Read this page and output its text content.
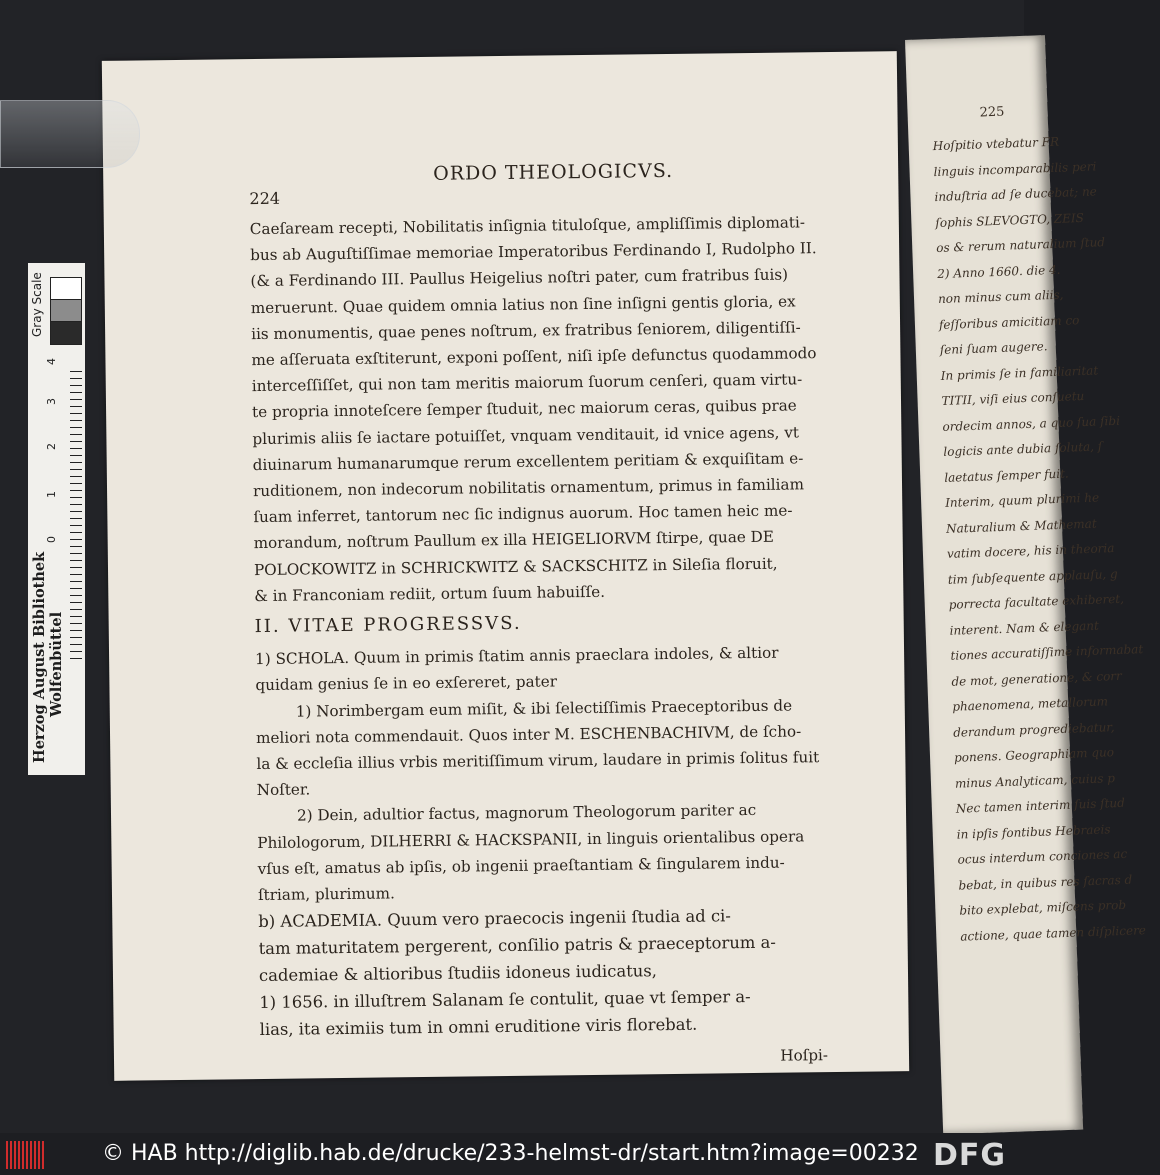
225
Hoſpitio vtebatur FR
linguis incomparabilis peri
induſtria ad ſe ducebat; ne
ſophis SLEVOGTO, ZEIS
os & rerum naturalium ſtud
2) Anno 1660. die 4.
non minus cum aliis,
feſſoribus amicitiam co
ſeni ſuam augere.
In primis ſe in familiaritat
TITII, viſi eius conſuetu
ordecim annos, a quo ſua ſibi
logicis ante dubia ſoluta, ſ
laetatus ſemper fuit.
Interim, quum plurimi he
Naturalium & Mathemat
vatim docere, his in theoria
tim ſubſequente applauſu, g
porrecta facultate exhiberet,
interent. Nam & elegant
tiones accuratiſſime informabat
de mot, generatione, & corr
phaenomena, metallorum
derandum progrediebatur,
ponens. Geographiam quo
minus Analyticam, cuius p
Nec tamen interim ſuis ſtud
in ipſis fontibus Hebraeis
ocus interdum conciones ac
bebat, in quibus res ſacras d
bito explebat, miſcens prob
actione, quae tamen diſplicere
ORDO THEOLOGICVS.
224
Caeſaream recepti, Nobilitatis inſignia tituloſque, ampliſſimis diplomati-
bus ab Auguſtiſſimae memoriae Imperatoribus Ferdinando I, Rudolpho II.
(& a Ferdinando III. Paullus Heigelius noſtri pater, cum fratribus ſuis)
meruerunt. Quae quidem omnia latius non ſine inſigni gentis gloria, ex
iis monumentis, quae penes noſtrum, ex fratribus ſeniorem, diligentiſſi-
me aſſeruata exſtiterunt, exponi poſſent, niſi ipſe defunctus quodammodo
interceſſiſſet, qui non tam meritis maiorum ſuorum cenſeri, quam virtu-
te propria innoteſcere ſemper ſtuduit, nec maiorum ceras, quibus prae
plurimis aliis ſe iactare potuiſſet, vnquam venditauit, id vnice agens, vt
diuinarum humanarumque rerum excellentem peritiam & exquiſitam e-
ruditionem, non indecorum nobilitatis ornamentum, primus in familiam
ſuam inferret, tantorum nec ſic indignus auorum. Hoc tamen heic me-
morandum, noſtrum Paullum ex illa HEIGELIORVM ſtirpe, quae DE
POLOCKOWITZ in SCHRICKWITZ & SACKSCHITZ in Sileſia floruit,
& in Franconiam rediit, ortum ſuum habuiſſe.
II. VITAE PROGRESSVS.
1) SCHOLA. Quum in primis ſtatim annis praeclara indoles, & altior
quidam genius ſe in eo exſereret, pater
1) Norimbergam eum miſit, & ibi ſelectiſſimis Praeceptoribus de
meliori nota commendauit. Quos inter M. ESCHENBACHIVM, de ſcho-
la & eccleſia illius vrbis meritiſſimum virum, laudare in primis ſolitus fuit
Noſter.
2) Dein, adultior factus, magnorum Theologorum pariter ac
Philologorum, DILHERRI & HACKSPANII, in linguis orientalibus opera
vſus eſt, amatus ab ipſis, ob ingenii praeſtantiam & ſingularem indu-
ſtriam, plurimum.
b) ACADEMIA. Quum vero praecocis ingenii ſtudia ad ci-
tam maturitatem pergerent, conſilio patris & praeceptorum a-
cademiae & altioribus ſtudiis idoneus iudicatus,
1) 1656. in illuſtrem Salanam ſe contulit, quae vt ſemper a-
lias, ita eximiis tum in omni eruditione viris florebat.
Hoſpi-
Gray Scale
4
3
2
1
0
Herzog August Bibliothek
Wolfenbüttel
© HAB http://diglib.hab.de/drucke/233-helmst-dr/start.htm?image=00232 DFG
